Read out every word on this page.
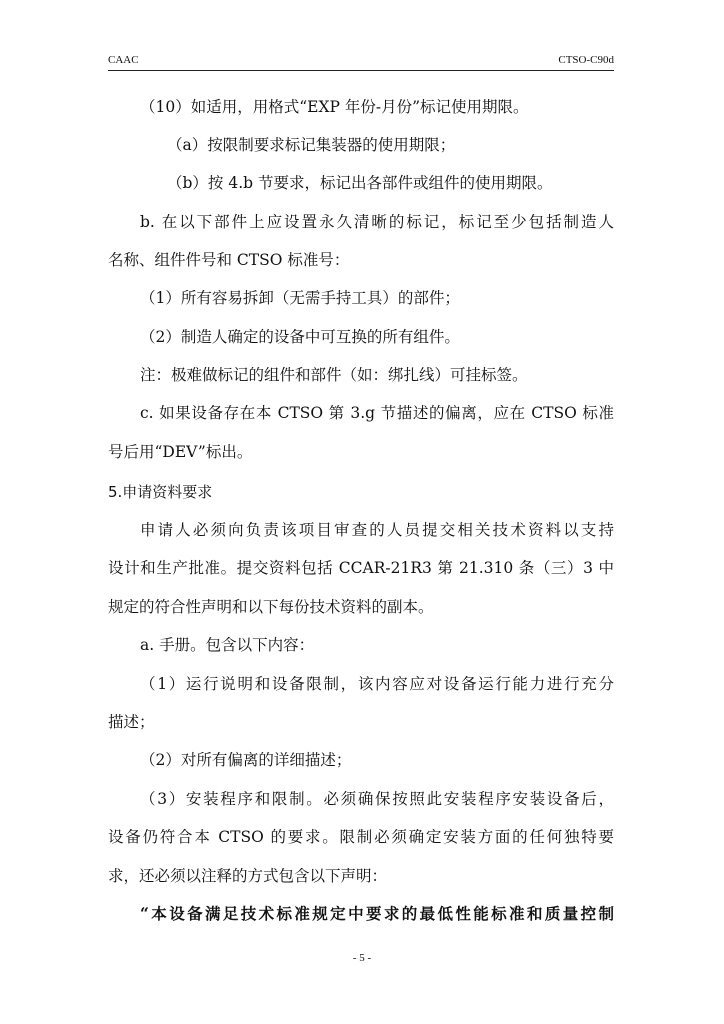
CAAC	CTSO-C90d
（10）如适用，用格式“EXP 年份-月份”标记使用期限。
（a）按限制要求标记集装器的使用期限；
（b）按 4.b 节要求，标记出各部件或组件的使用期限。
b. 在以下部件上应设置永久清晰的标记，标记至少包括制造人
名称、组件件号和 CTSO 标准号：
（1）所有容易拆卸（无需手持工具）的部件；
（2）制造人确定的设备中可互换的所有组件。
注：极难做标记的组件和部件（如：绑扎线）可挂标签。
c. 如果设备存在本 CTSO 第 3.g 节描述的偏离，应在 CTSO 标准
号后用“DEV”标出。
5.申请资料要求
申请人必须向负责该项目审查的人员提交相关技术资料以支持
设计和生产批准。提交资料包括 CCAR-21R3 第 21.310 条（三）3 中
规定的符合性声明和以下每份技术资料的副本。
a. 手册。包含以下内容：
（1）运行说明和设备限制，该内容应对设备运行能力进行充分
描述；
（2）对所有偏离的详细描述；
（3）安装程序和限制。必须确保按照此安装程序安装设备后，
设备仍符合本 CTSO 的要求。限制必须确定安装方面的任何独特要
求，还必须以注释的方式包含以下声明：
“本设备满足技术标准规定中要求的最低性能标准和质量控制
- 5 -
